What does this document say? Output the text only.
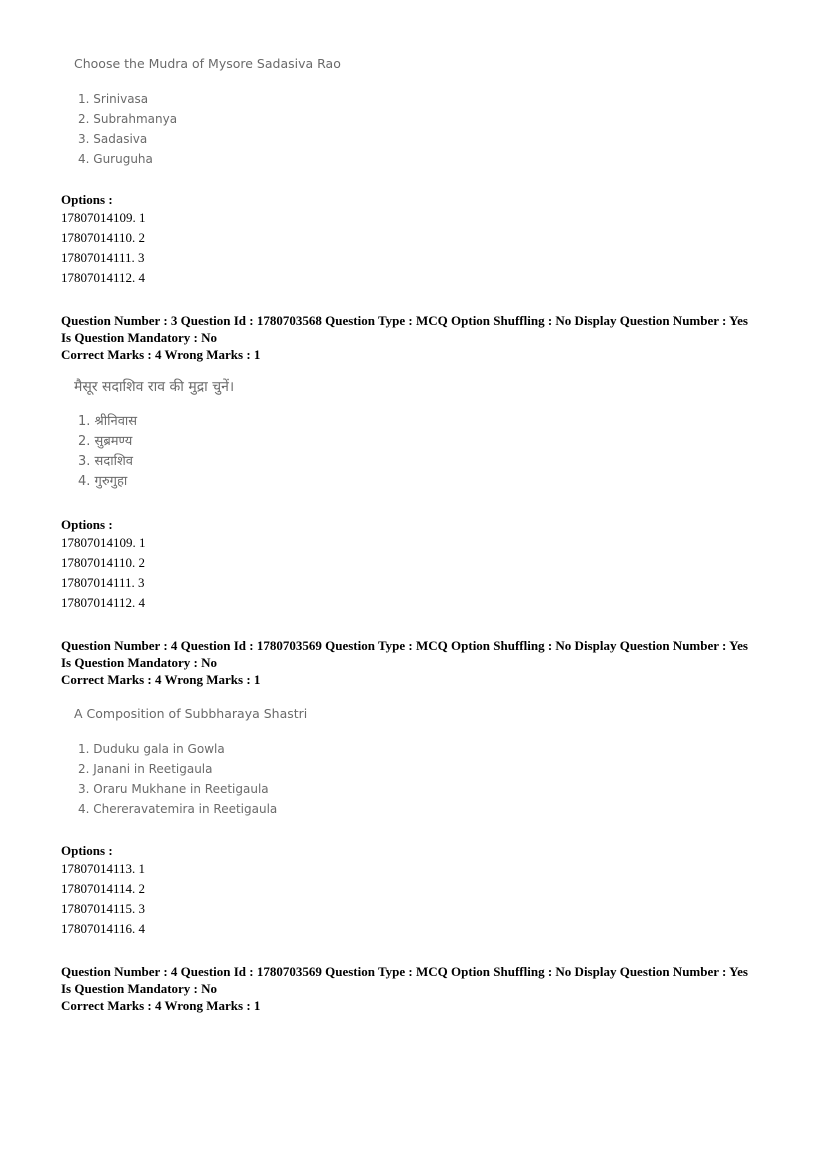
Choose the Mudra of Mysore Sadasiva Rao

1. Srinivasa
2. Subrahmanya
3. Sadasiva
4. Guruguha
Options :
17807014109. 1
17807014110. 2
17807014111. 3
17807014112. 4
Question Number : 3 Question Id : 1780703568 Question Type : MCQ Option Shuffling : No Display Question Number : Yes
Is Question Mandatory : No
Correct Marks : 4 Wrong Marks : 1

मैसूर सदाशिव राव की मुद्रा चुनें।

1. श्रीनिवास
2. सुब्रमण्य
3. सदाशिव
4. गुरुगुहा
Options :
17807014109. 1
17807014110. 2
17807014111. 3
17807014112. 4
Question Number : 4 Question Id : 1780703569 Question Type : MCQ Option Shuffling : No Display Question Number : Yes
Is Question Mandatory : No
Correct Marks : 4 Wrong Marks : 1

A Composition of Subbharaya Shastri

1. Duduku gala in Gowla
2. Janani in Reetigaula
3. Oraru Mukhane in Reetigaula
4. Chereravatemira in Reetigaula
Options :
17807014113. 1
17807014114. 2
17807014115. 3
17807014116. 4
Question Number : 4 Question Id : 1780703569 Question Type : MCQ Option Shuffling : No Display Question Number : Yes
Is Question Mandatory : No
Correct Marks : 4 Wrong Marks : 1
